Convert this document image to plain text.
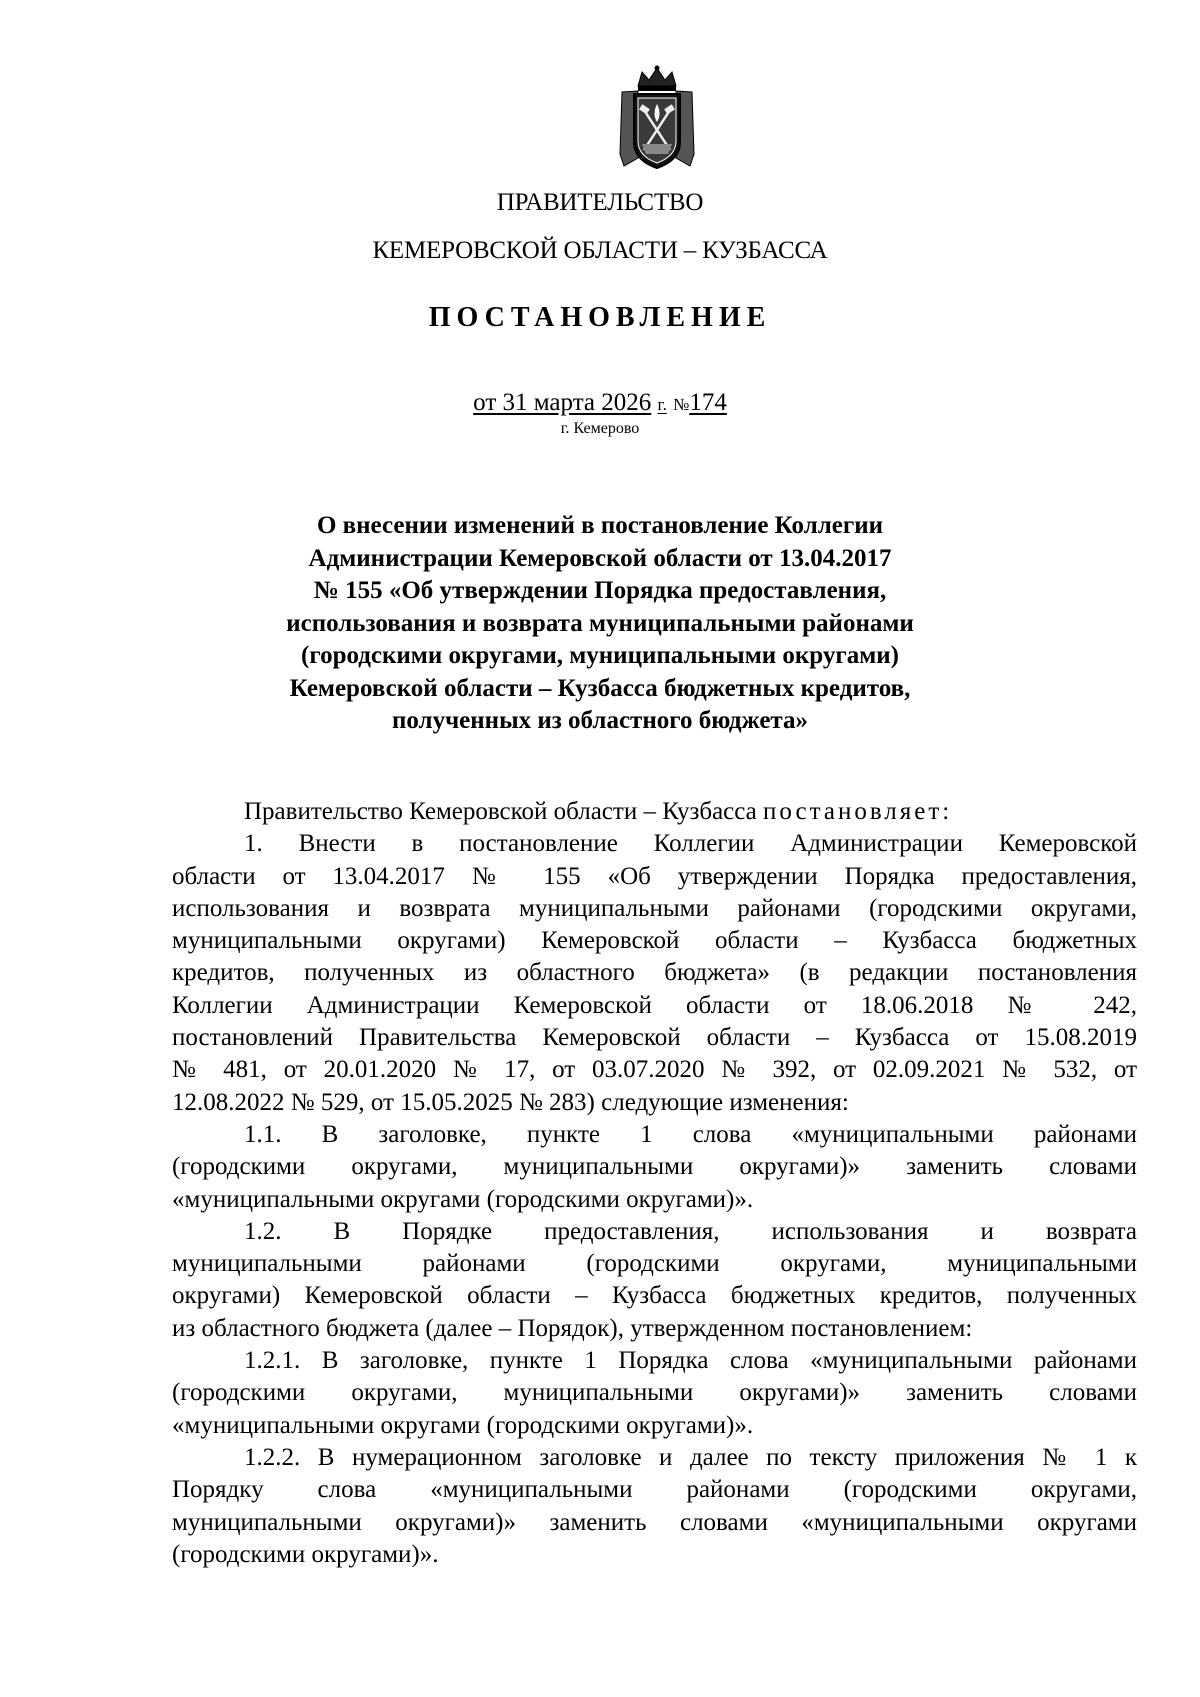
ПРАВИТЕЛЬСТВО
КЕМЕРОВСКОЙ ОБЛАСТИ – КУЗБАССА
ПОСТАНОВЛЕНИЕ
от 31 марта 2026 г. №174
г. Кемерово
О внесении изменений в постановление Коллегии
Администрации Кемеровской области от 13.04.2017
№ 155 «Об утверждении Порядка предоставления,
использования и возврата муниципальными районами
(городскими округами, муниципальными округами)
Кемеровской области – Кузбасса бюджетных кредитов,
полученных из областного бюджета»
Правительство Кемеровской области – Кузбасса постановляет:
1. Внести в постановление Коллегии Администрации Кемеровской
области от 13.04.2017 № 155 «Об утверждении Порядка предоставления,
использования и возврата муниципальными районами (городскими округами,
муниципальными округами) Кемеровской области – Кузбасса бюджетных
кредитов, полученных из областного бюджета» (в редакции постановления
Коллегии Администрации Кемеровской области от 18.06.2018 № 242,
постановлений Правительства Кемеровской области – Кузбасса от 15.08.2019
№ 481, от 20.01.2020 № 17, от 03.07.2020 № 392, от 02.09.2021 № 532, от
12.08.2022 № 529, от 15.05.2025 № 283) следующие изменения:
1.1. В заголовке, пункте 1 слова «муниципальными районами
(городскими округами, муниципальными округами)» заменить словами
«муниципальными округами (городскими округами)».
1.2. В Порядке предоставления, использования и возврата
муниципальными районами (городскими округами, муниципальными
округами) Кемеровской области – Кузбасса бюджетных кредитов, полученных
из областного бюджета (далее – Порядок), утвержденном постановлением:
1.2.1. В заголовке, пункте 1 Порядка слова «муниципальными районами
(городскими округами, муниципальными округами)» заменить словами
«муниципальными округами (городскими округами)».
1.2.2. В нумерационном заголовке и далее по тексту приложения № 1 к
Порядку слова «муниципальными районами (городскими округами,
муниципальными округами)» заменить словами «муниципальными округами
(городскими округами)».
